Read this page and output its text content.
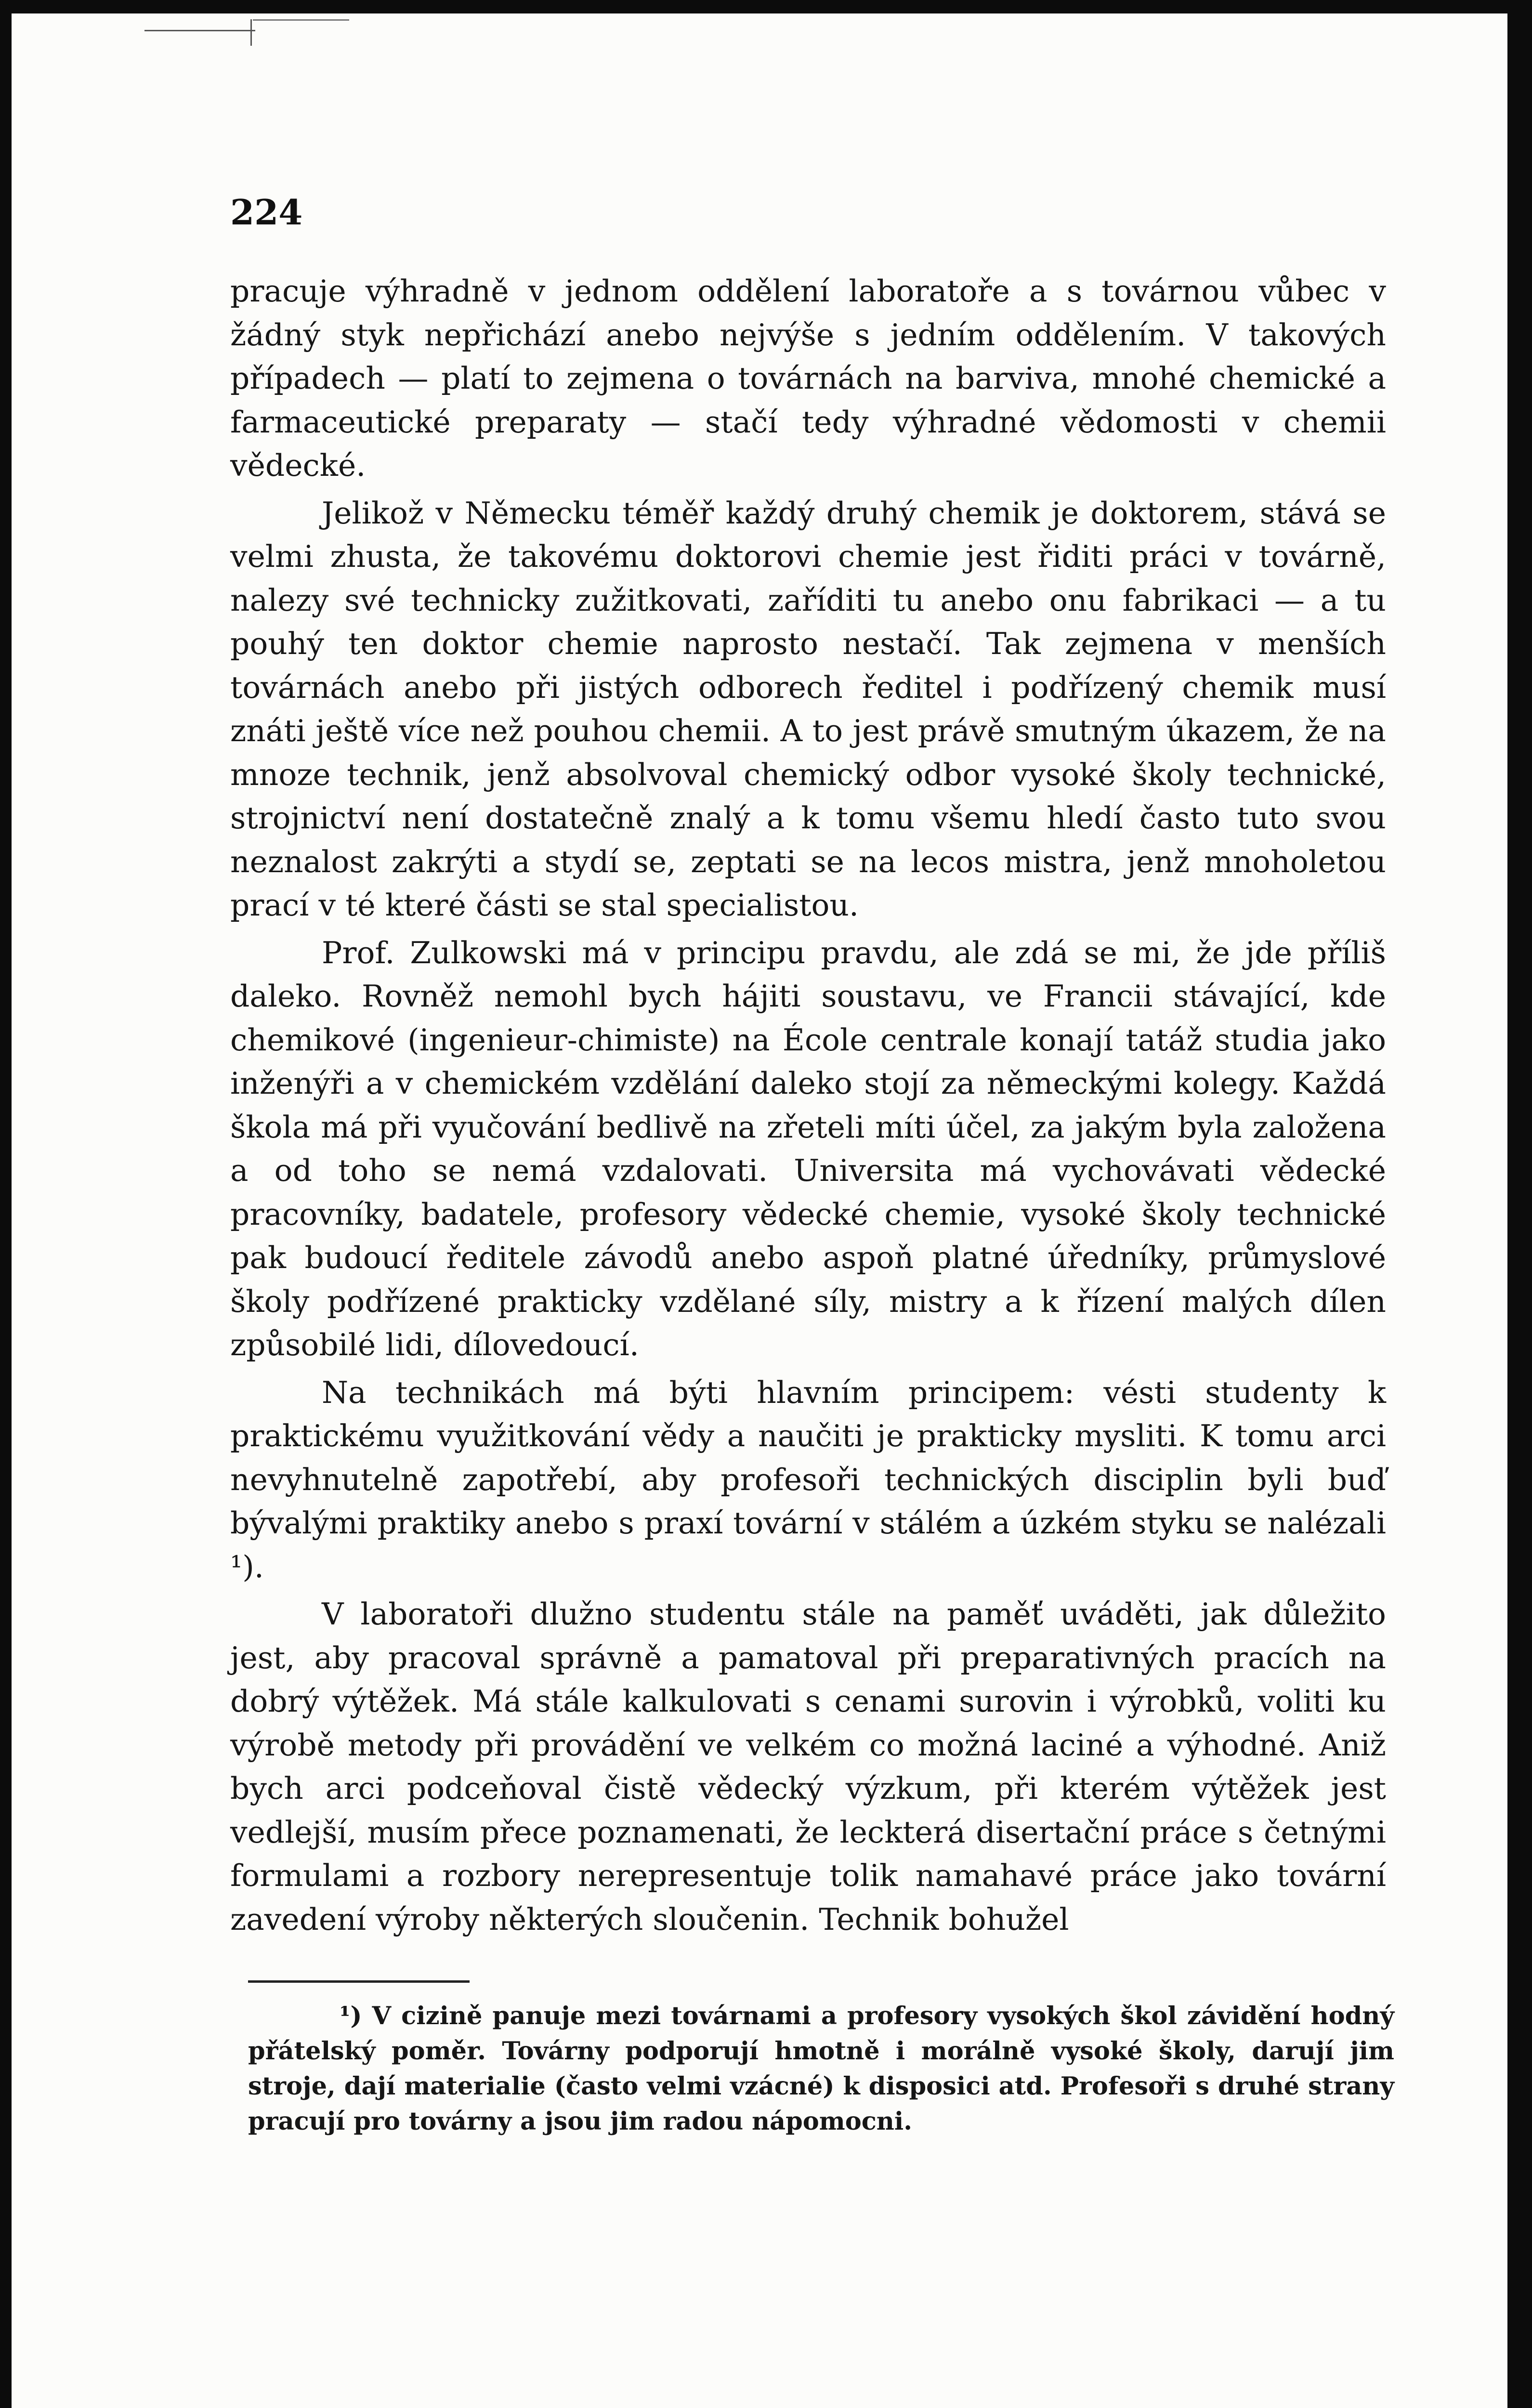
224

pracuje výhradně v jednom oddělení laboratoře a s továrnou vůbec v žádný styk nepřichází anebo nejvýše s jedním oddělením. V takových případech — platí to zejmena o továrnách na barviva, mnohé chemické a farmaceutické preparaty — stačí tedy výhradné vědomosti v chemii vědecké.

Jelikož v Německu téměř každý druhý chemik je doktorem, stává se velmi zhusta, že takovému doktorovi chemie jest řiditi práci v továrně, nalezy své technicky zužitkovati, zaříditi tu anebo onu fabrikaci — a tu pouhý ten doktor chemie naprosto nestačí. Tak zejmena v menších továrnách anebo při jistých odborech ředitel i podřízený chemik musí znáti ještě více než pouhou chemii. A to jest právě smutným úkazem, že na mnoze technik, jenž absolvoval chemický odbor vysoké školy technické, strojnictví není dostatečně znalý a k tomu všemu hledí často tuto svou neznalost zakrýti a stydí se, zeptati se na lecos mistra, jenž mnoholetou prací v té které části se stal specialistou.

Prof. Zulkowski má v principu pravdu, ale zdá se mi, že jde příliš daleko. Rovněž nemohl bych hájiti soustavu, ve Francii stávající, kde chemikové (ingenieur-chimiste) na École centrale konají tatáž studia jako inženýři a v chemickém vzdělání daleko stojí za německými kolegy. Každá škola má při vyučování bedlivě na zřeteli míti účel, za jakým byla založena a od toho se nemá vzdalovati. Universita má vychovávati vědecké pracovníky, badatele, profesory vědecké chemie, vysoké školy technické pak budoucí ředitele závodů anebo aspoň platné úředníky, průmyslové školy podřízené prakticky vzdělané síly, mistry a k řízení malých dílen způsobilé lidi, dílovedoucí.

Na technikách má býti hlavním principem: vésti studenty k praktickému využitkování vědy a naučiti je prakticky mysliti. K tomu arci nevyhnutelně zapotřebí, aby profesoři technických disciplin byli buď bývalými praktiky anebo s praxí tovární v stálém a úzkém styku se nalézali ¹).

V laboratoři dlužno studentu stále na paměť uváděti, jak důležito jest, aby pracoval správně a pamatoval při preparativných pracích na dobrý výtěžek. Má stále kalkulovati s cenami surovin i výrobků, voliti ku výrobě metody při provádění ve velkém co možná laciné a výhodné. Aniž bych arci podceňoval čistě vědecký výzkum, při kterém výtěžek jest vedlejší, musím přece poznamenati, že leckterá disertační práce s četnými formulami a rozbory nerepresentuje tolik namahavé práce jako tovární zavedení výroby některých sloučenin. Technik bohužel

¹) V cizině panuje mezi továrnami a profesory vysokých škol závidění hodný přátelský poměr. Továrny podporují hmotně i morálně vysoké školy, darují jim stroje, dají materialie (často velmi vzácné) k disposici atd. Profesoři s druhé strany pracují pro továrny a jsou jim radou nápomocni.
